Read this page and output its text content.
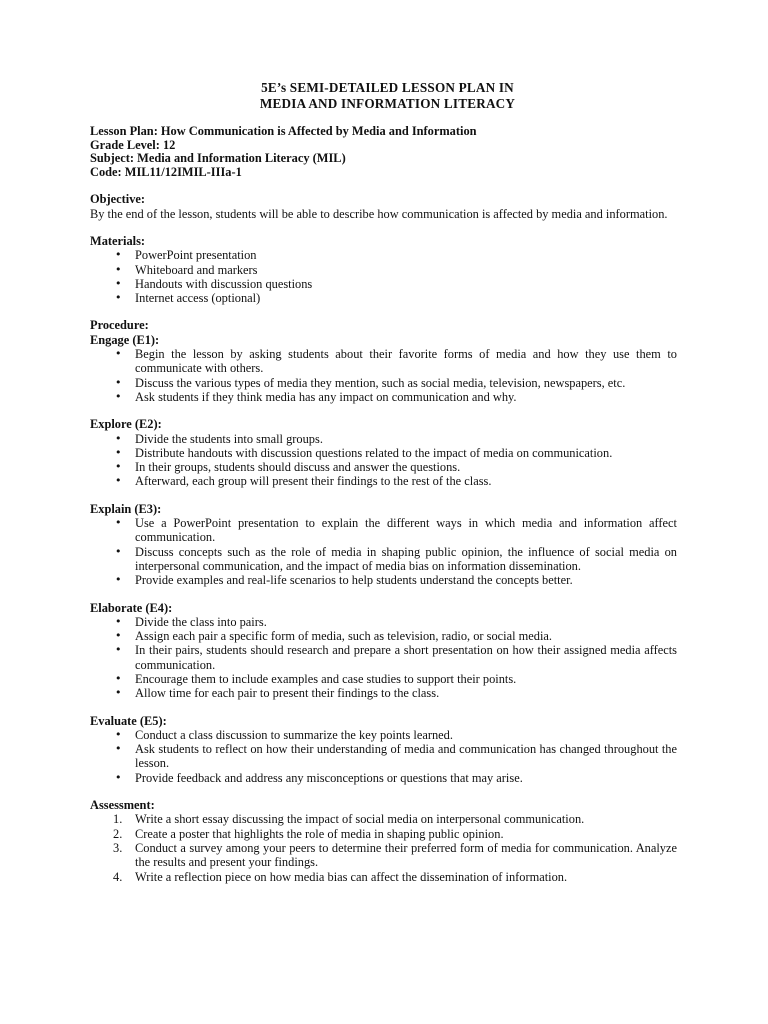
5E’s SEMI-DETAILED LESSON PLAN IN
MEDIA AND INFORMATION LITERACY
Lesson Plan: How Communication is Affected by Media and Information
Grade Level: 12
Subject: Media and Information Literacy (MIL)
Code: MIL11/12IMIL-IIIa-1
Objective:
By the end of the lesson, students will be able to describe how communication is affected by media and information.
Materials:
• PowerPoint presentation
• Whiteboard and markers
• Handouts with discussion questions
• Internet access (optional)
Procedure:
Engage (E1):
• Begin the lesson by asking students about their favorite forms of media and how they use them to communicate with others.
• Discuss the various types of media they mention, such as social media, television, newspapers, etc.
• Ask students if they think media has any impact on communication and why.
Explore (E2):
• Divide the students into small groups.
• Distribute handouts with discussion questions related to the impact of media on communication.
• In their groups, students should discuss and answer the questions.
• Afterward, each group will present their findings to the rest of the class.
Explain (E3):
• Use a PowerPoint presentation to explain the different ways in which media and information affect communication.
• Discuss concepts such as the role of media in shaping public opinion, the influence of social media on interpersonal communication, and the impact of media bias on information dissemination.
• Provide examples and real-life scenarios to help students understand the concepts better.
Elaborate (E4):
• Divide the class into pairs.
• Assign each pair a specific form of media, such as television, radio, or social media.
• In their pairs, students should research and prepare a short presentation on how their assigned media affects communication.
• Encourage them to include examples and case studies to support their points.
• Allow time for each pair to present their findings to the class.
Evaluate (E5):
• Conduct a class discussion to summarize the key points learned.
• Ask students to reflect on how their understanding of media and communication has changed throughout the lesson.
• Provide feedback and address any misconceptions or questions that may arise.
Assessment:
1. Write a short essay discussing the impact of social media on interpersonal communication.
2. Create a poster that highlights the role of media in shaping public opinion.
3. Conduct a survey among your peers to determine their preferred form of media for communication. Analyze the results and present your findings.
4. Write a reflection piece on how media bias can affect the dissemination of information.
